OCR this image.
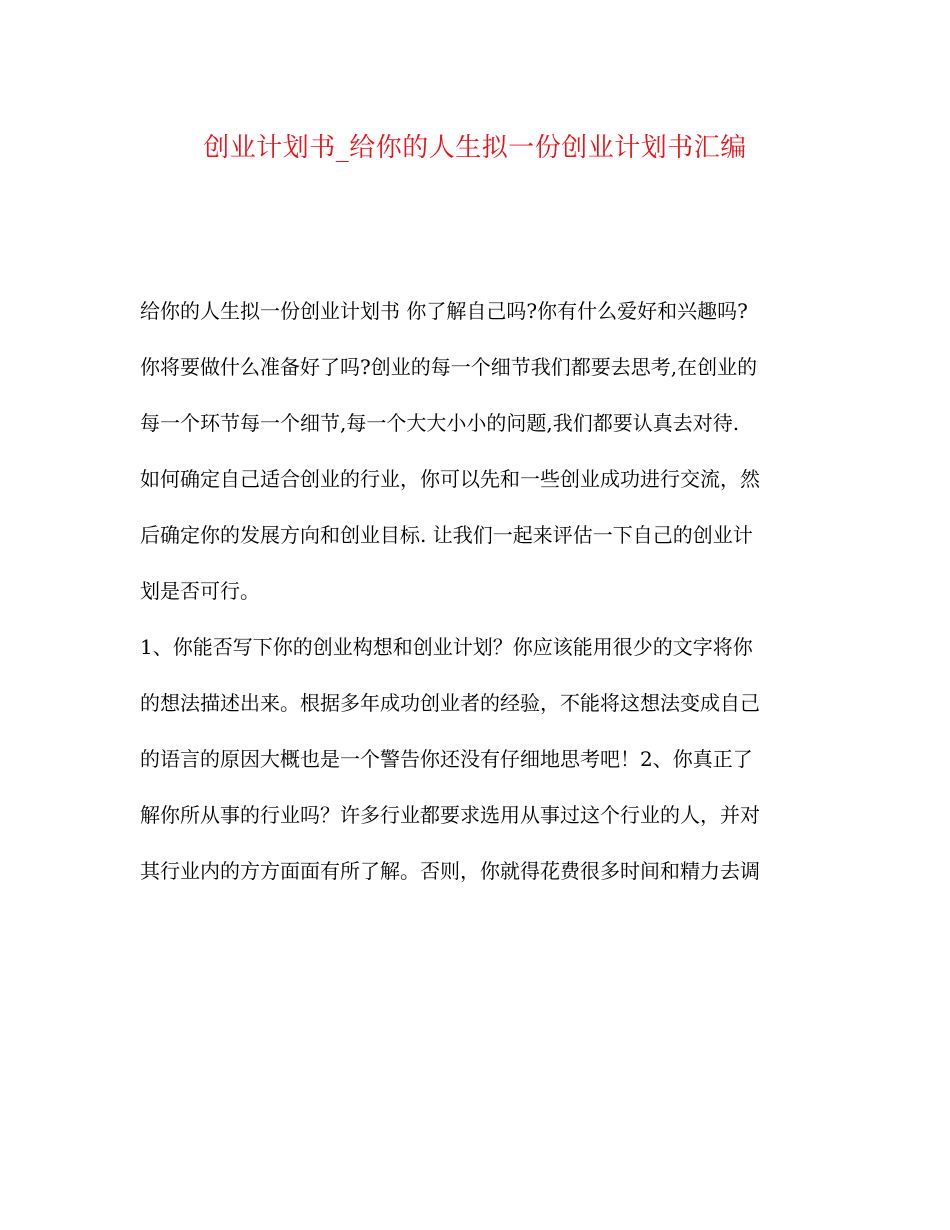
创业计划书_给你的人生拟一份创业计划书汇编
给你的人生拟一份创业计划书 你了解自己吗?你有什么爱好和兴趣吗?
你将要做什么准备好了吗?创业的每一个细节我们都要去思考,在创业的
每一个环节每一个细节,每一个大大小小的问题,我们都要认真去对待.
如何确定自己适合创业的行业，你可以先和一些创业成功进行交流，然
后确定你的发展方向和创业目标. 让我们一起来评估一下自己的创业计
划是否可行。
1、你能否写下你的创业构想和创业计划？你应该能用很少的文字将你
的想法描述出来。根据多年成功创业者的经验，不能将这想法变成自己
的语言的原因大概也是一个警告你还没有仔细地思考吧！2、你真正了
解你所从事的行业吗？许多行业都要求选用从事过这个行业的人，并对
其行业内的方方面面有所了解。否则，你就得花费很多时间和精力去调
